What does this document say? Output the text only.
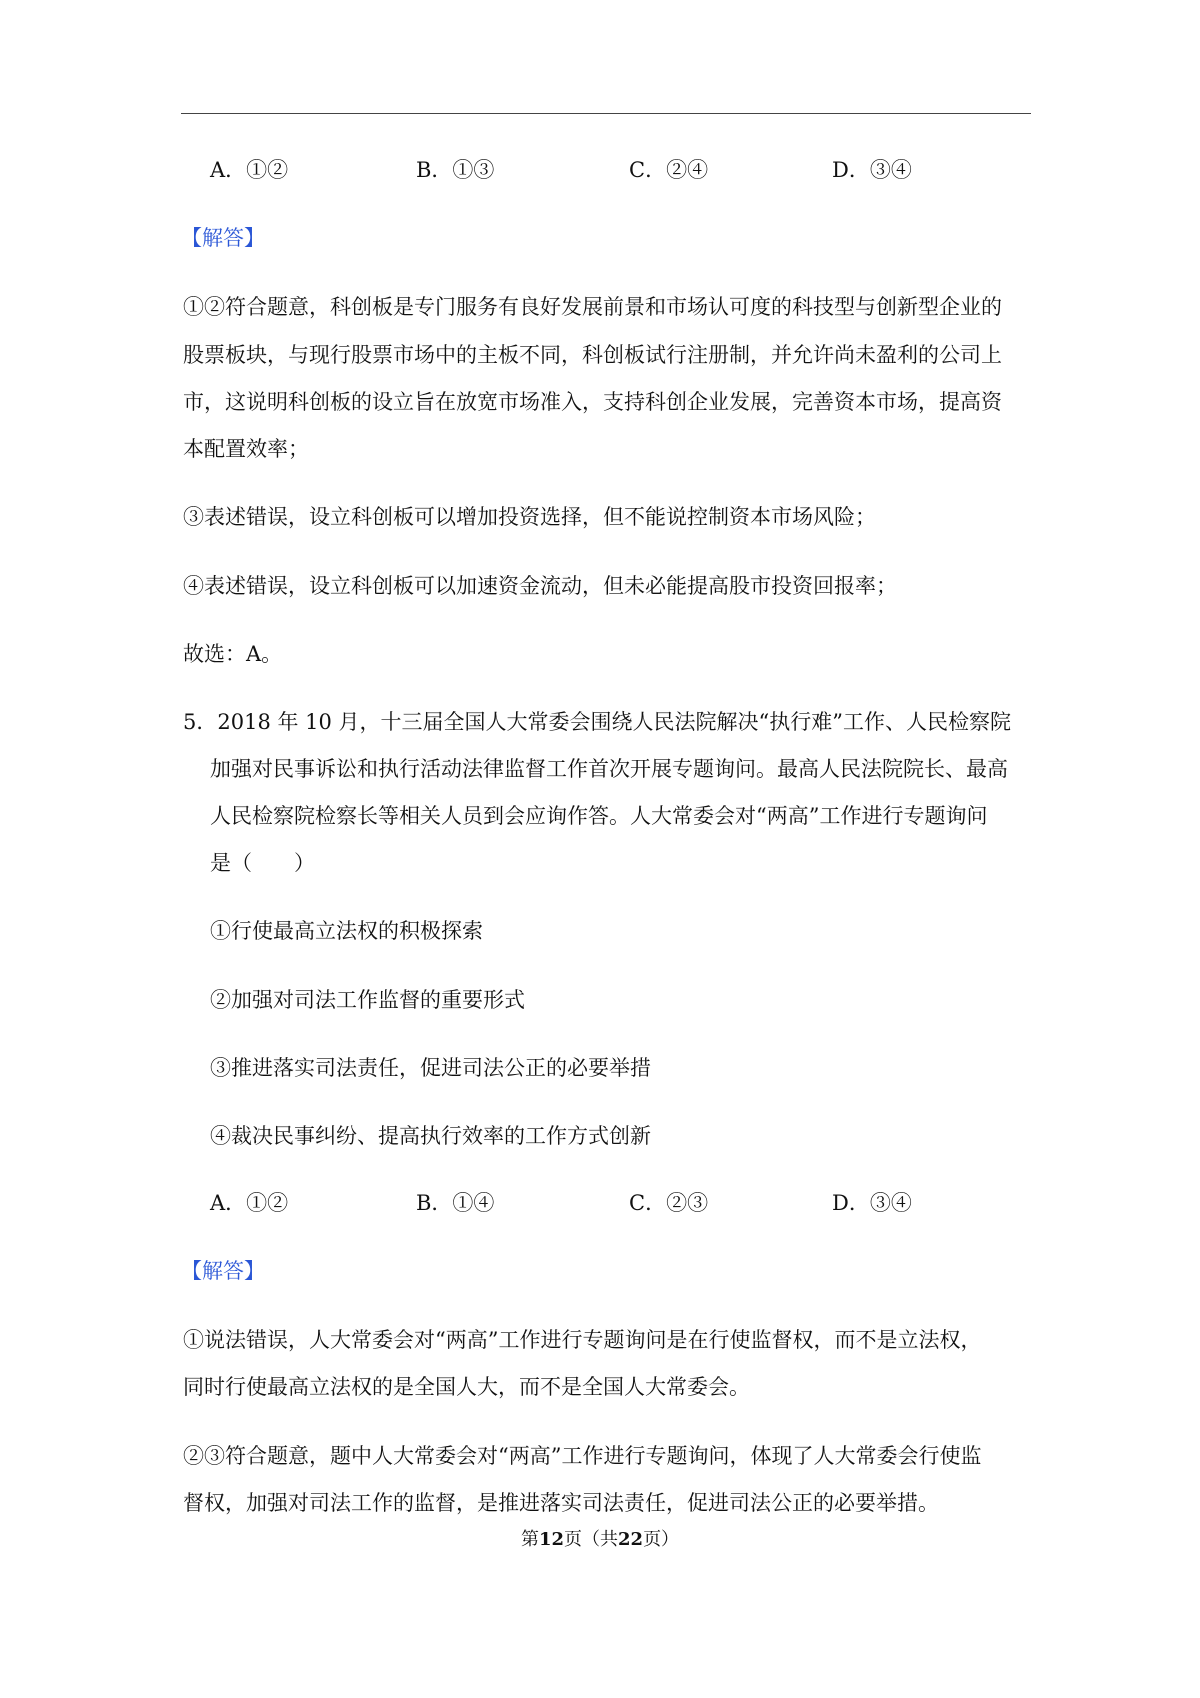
A．①②	B．①③	C．②④	D．③④
【解答】
①②符合题意，科创板是专门服务有良好发展前景和市场认可度的科技型与创新型企业的
股票板块，与现行股票市场中的主板不同，科创板试行注册制，并允许尚未盈利的公司上
市，这说明科创板的设立旨在放宽市场准入，支持科创企业发展，完善资本市场，提高资
本配置效率；
③表述错误，设立科创板可以增加投资选择，但不能说控制资本市场风险；
④表述错误，设立科创板可以加速资金流动，但未必能提高股市投资回报率；
故选：A。
5．2018 年 10 月，十三届全国人大常委会围绕人民法院解决“执行难”工作、人民检察院
加强对民事诉讼和执行活动法律监督工作首次开展专题询问。最高人民法院院长、最高
人民检察院检察长等相关人员到会应询作答。人大常委会对“两高”工作进行专题询问
是（　　）
①行使最高立法权的积极探索
②加强对司法工作监督的重要形式
③推进落实司法责任，促进司法公正的必要举措
④裁决民事纠纷、提高执行效率的工作方式创新
A．①②	B．①④	C．②③	D．③④
【解答】
①说法错误，人大常委会对“两高”工作进行专题询问是在行使监督权，而不是立法权，
同时行使最高立法权的是全国人大，而不是全国人大常委会。
②③符合题意，题中人大常委会对“两高”工作进行专题询问，体现了人大常委会行使监
督权，加强对司法工作的监督，是推进落实司法责任，促进司法公正的必要举措。
第12页（共22页）
